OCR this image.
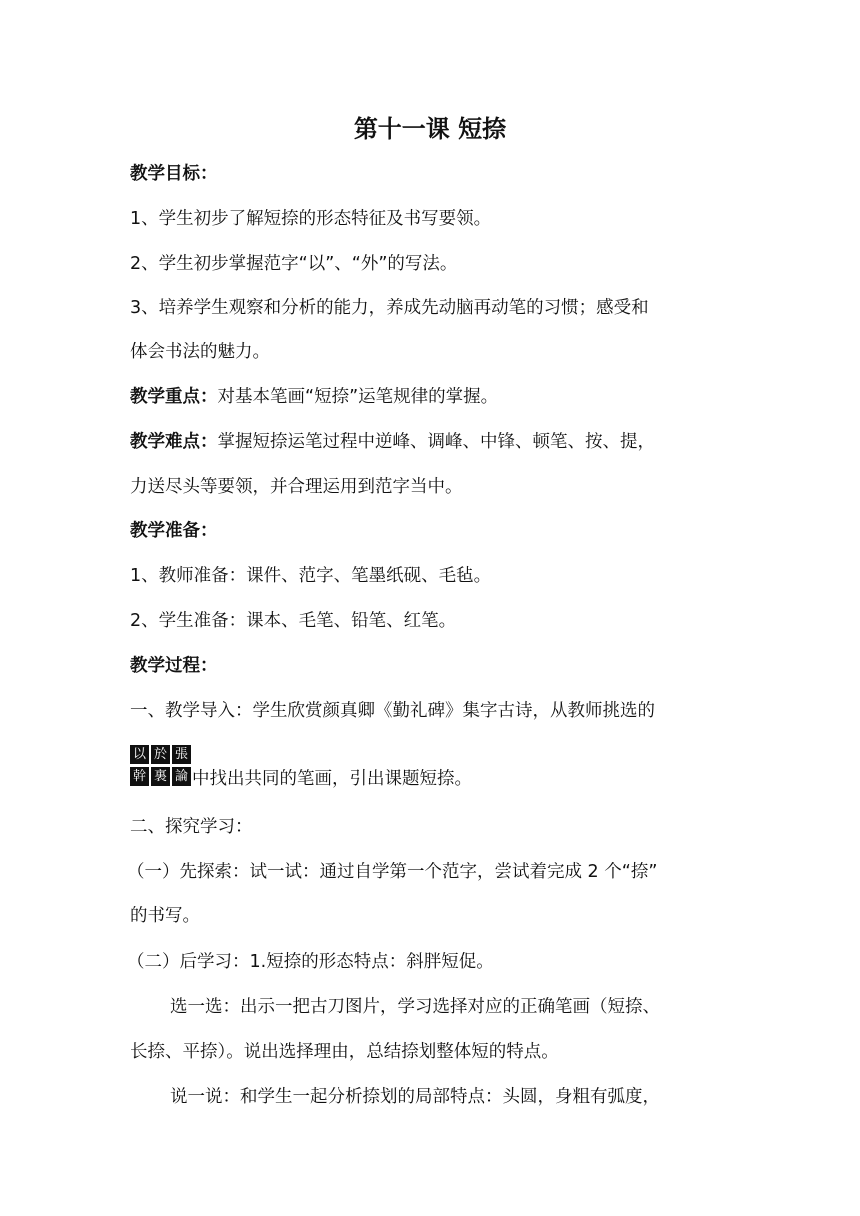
第十一课 短捺
教学目标：
1、学生初步了解短捺的形态特征及书写要领。
2、学生初步掌握范字“以”、“外”的写法。
3、培养学生观察和分析的能力，养成先动脑再动笔的习惯；感受和
体会书法的魅力。
教学重点：对基本笔画“短捺”运笔规律的掌握。
教学难点：掌握短捺运笔过程中逆峰、调峰、中锋、顿笔、按、提，
力送尽头等要领，并合理运用到范字当中。
教学准备：
1、教师准备：课件、范字、笔墨纸砚、毛毡。
2、学生准备：课本、毛笔、铅笔、红笔。
教学过程：
一、教学导入：学生欣赏颜真卿《勤礼碑》集字古诗，从教师挑选的
以 於 張
幹 裏 論 中找出共同的笔画，引出课题短捺。
二、探究学习：
（一）先探索：试一试：通过自学第一个范字，尝试着完成 2 个“捺”
的书写。
（二）后学习：1.短捺的形态特点：斜胖短促。
选一选：出示一把古刀图片，学习选择对应的正确笔画（短捺、
长捺、平捺）。说出选择理由，总结捺划整体短的特点。
说一说：和学生一起分析捺划的局部特点：头圆，身粗有弧度，
